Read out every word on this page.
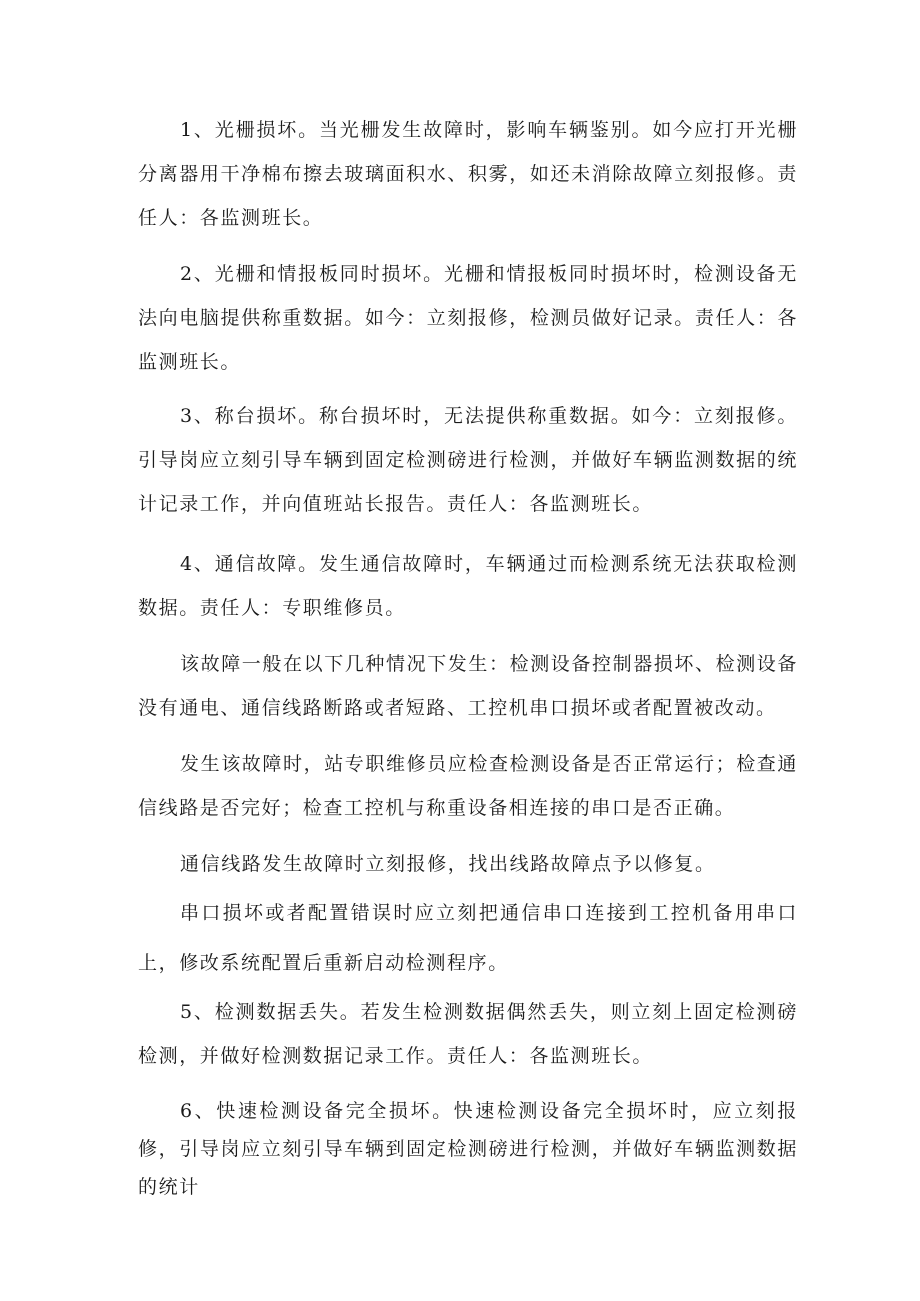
1、光栅损坏。当光栅发生故障时，影响车辆鉴别。如今应打开光栅分离器用干净棉布擦去玻璃面积水、积雾，如还未消除故障立刻报修。责任人：各监测班长。

2、光栅和情报板同时损坏。光栅和情报板同时损坏时，检测设备无法向电脑提供称重数据。如今：立刻报修，检测员做好记录。责任人：各监测班长。

3、称台损坏。称台损坏时，无法提供称重数据。如今：立刻报修。引导岗应立刻引导车辆到固定检测磅进行检测，并做好车辆监测数据的统计记录工作，并向值班站长报告。责任人：各监测班长。

4、通信故障。发生通信故障时，车辆通过而检测系统无法获取检测数据。责任人：专职维修员。

该故障一般在以下几种情况下发生：检测设备控制器损坏、检测设备没有通电、通信线路断路或者短路、工控机串口损坏或者配置被改动。

发生该故障时，站专职维修员应检查检测设备是否正常运行；检查通信线路是否完好；检查工控机与称重设备相连接的串口是否正确。

通信线路发生故障时立刻报修，找出线路故障点予以修复。

串口损坏或者配置错误时应立刻把通信串口连接到工控机备用串口上，修改系统配置后重新启动检测程序。

5、检测数据丢失。若发生检测数据偶然丢失，则立刻上固定检测磅检测，并做好检测数据记录工作。责任人：各监测班长。

6、快速检测设备完全损坏。快速检测设备完全损坏时，应立刻报修，引导岗应立刻引导车辆到固定检测磅进行检测，并做好车辆监测数据的统计
